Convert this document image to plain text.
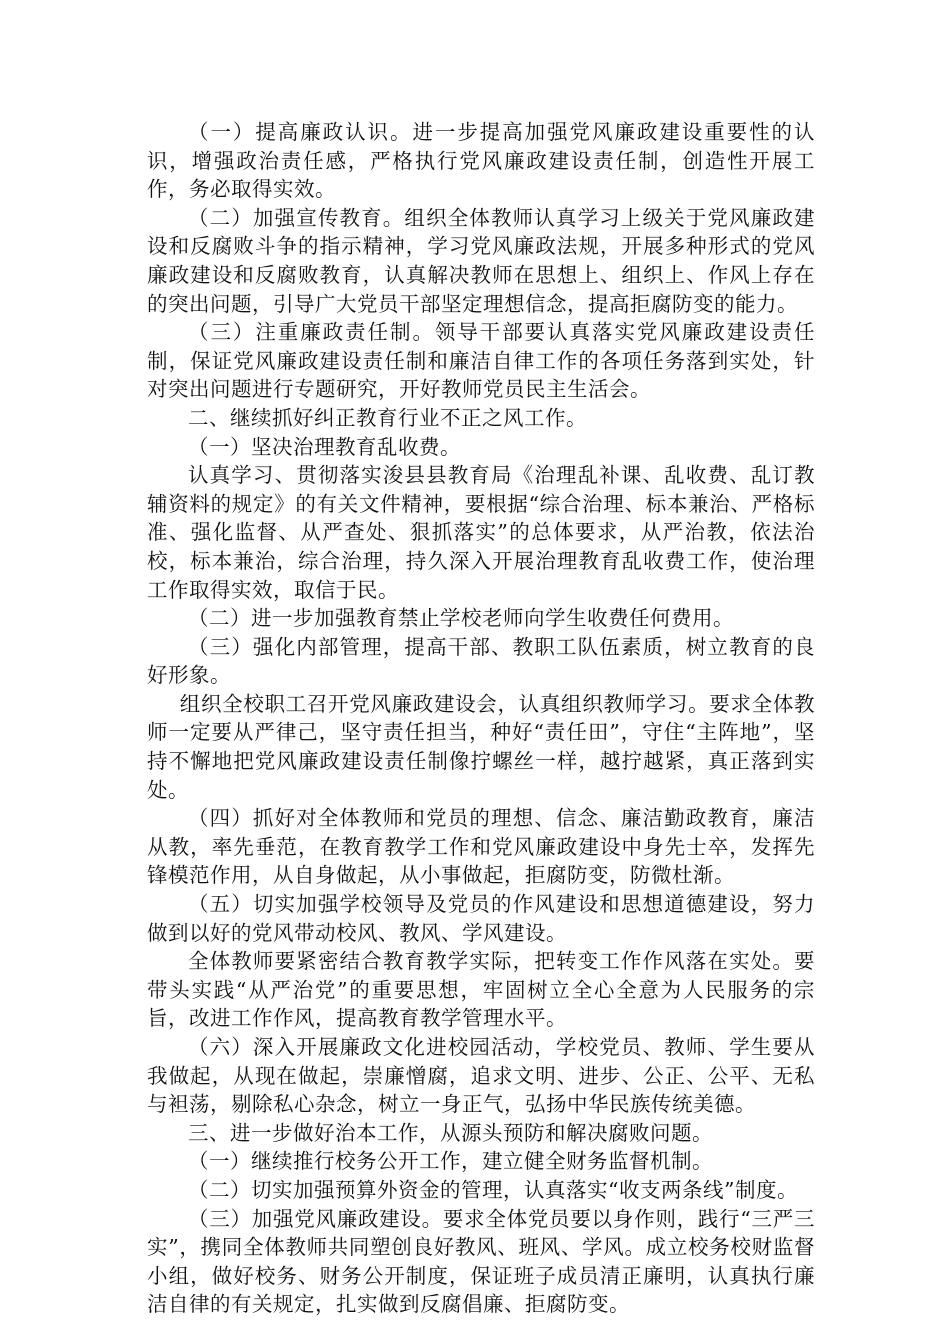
（一）提高廉政认识。进一步提高加强党风廉政建设重要性的认识，增强政治责任感，严格执行党风廉政建设责任制，创造性开展工作，务必取得实效。

（二）加强宣传教育。组织全体教师认真学习上级关于党风廉政建设和反腐败斗争的指示精神，学习党风廉政法规，开展多种形式的党风廉政建设和反腐败教育，认真解决教师在思想上、组织上、作风上存在的突出问题，引导广大党员干部坚定理想信念，提高拒腐防变的能力。

（三）注重廉政责任制。领导干部要认真落实党风廉政建设责任制，保证党风廉政建设责任制和廉洁自律工作的各项任务落到实处，针对突出问题进行专题研究，开好教师党员民主生活会。

二、继续抓好纠正教育行业不正之风工作。

（一）坚决治理教育乱收费。

认真学习、贯彻落实浚县县教育局《治理乱补课、乱收费、乱订教辅资料的规定》的有关文件精神，要根据“综合治理、标本兼治、严格标准、强化监督、从严查处、狠抓落实”的总体要求，从严治教，依法治校，标本兼治，综合治理，持久深入开展治理教育乱收费工作，使治理工作取得实效，取信于民。

（二）进一步加强教育禁止学校老师向学生收费任何费用。

（三）强化内部管理，提高干部、教职工队伍素质，树立教育的良好形象。

组织全校职工召开党风廉政建设会，认真组织教师学习。要求全体教师一定要从严律己，坚守责任担当，种好“责任田”，守住“主阵地”，坚持不懈地把党风廉政建设责任制像拧螺丝一样，越拧越紧，真正落到实处。

（四）抓好对全体教师和党员的理想、信念、廉洁勤政教育，廉洁从教，率先垂范，在教育教学工作和党风廉政建设中身先士卒，发挥先锋模范作用，从自身做起，从小事做起，拒腐防变，防微杜渐。

（五）切实加强学校领导及党员的作风建设和思想道德建设，努力做到以好的党风带动校风、教风、学风建设。

全体教师要紧密结合教育教学实际，把转变工作作风落在实处。要带头实践“从严治党”的重要思想，牢固树立全心全意为人民服务的宗旨，改进工作作风，提高教育教学管理水平。

（六）深入开展廉政文化进校园活动，学校党员、教师、学生要从我做起，从现在做起，崇廉憎腐，追求文明、进步、公正、公平、无私与袒荡，剔除私心杂念，树立一身正气，弘扬中华民族传统美德。

三、进一步做好治本工作，从源头预防和解决腐败问题。

（一）继续推行校务公开工作，建立健全财务监督机制。

（二）切实加强预算外资金的管理，认真落实“收支两条线”制度。

（三）加强党风廉政建设。要求全体党员要以身作则，践行“三严三实”，携同全体教师共同塑创良好教风、班风、学风。成立校务校财监督小组，做好校务、财务公开制度，保证班子成员清正廉明，认真执行廉洁自律的有关规定，扎实做到反腐倡廉、拒腐防变。
